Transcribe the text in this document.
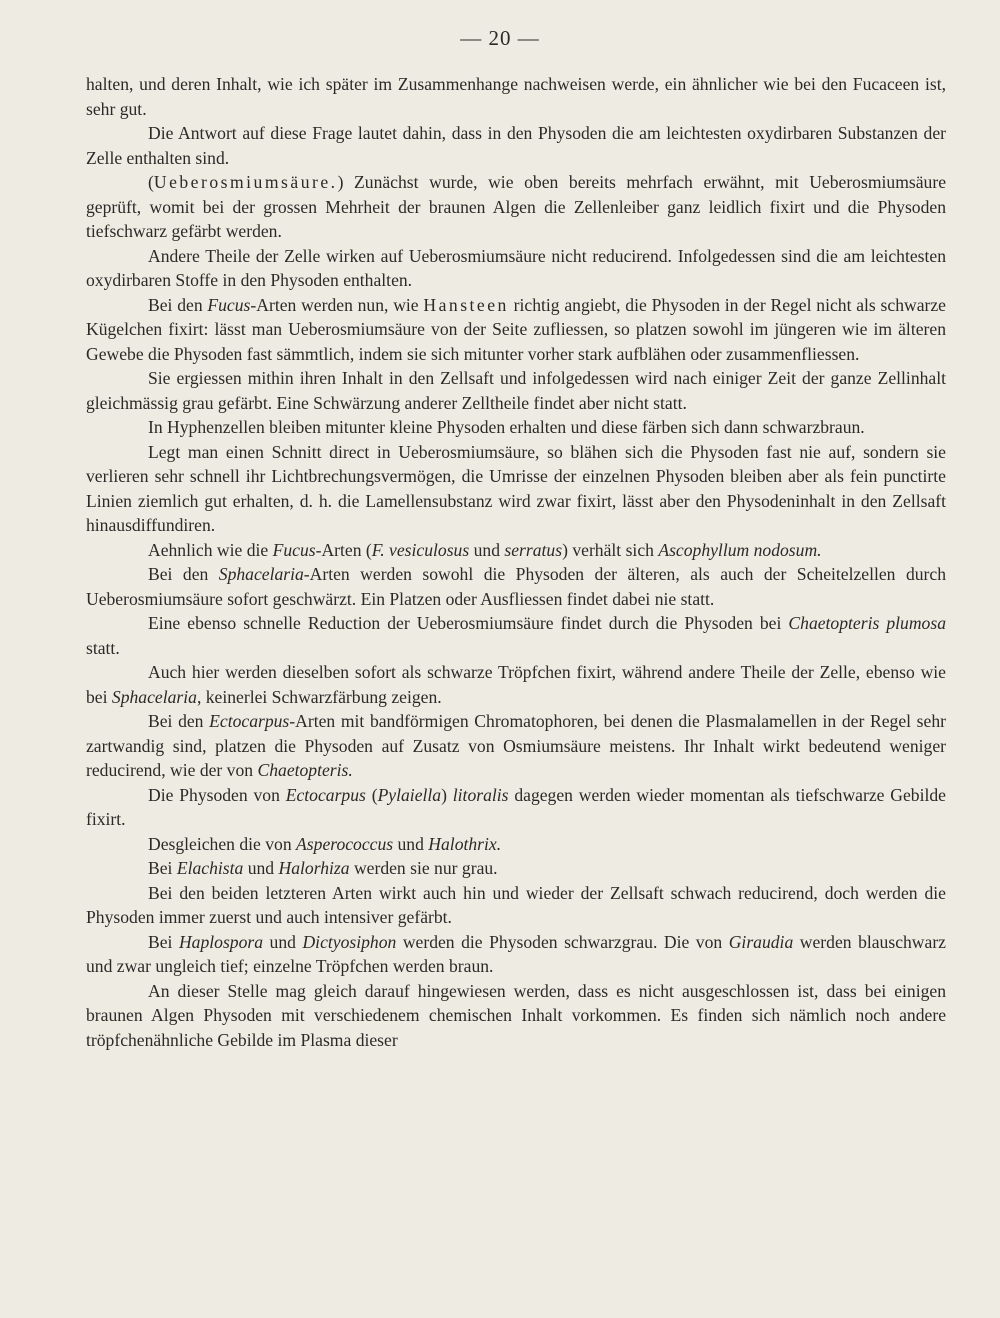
— 20 —

halten, und deren Inhalt, wie ich später im Zusammenhange nachweisen werde, ein ähnlicher wie bei den Fucaceen ist, sehr gut.

Die Antwort auf diese Frage lautet dahin, dass in den Physoden die am leichtesten oxydirbaren Substanzen der Zelle enthalten sind.

(Ueberosmiumsäure.) Zunächst wurde, wie oben bereits mehrfach erwähnt, mit Ueberosmiumsäure geprüft, womit bei der grossen Mehrheit der braunen Algen die Zellenleiber ganz leidlich fixirt und die Physoden tiefschwarz gefärbt werden.

Andere Theile der Zelle wirken auf Ueberosmiumsäure nicht reducirend. Infolgedessen sind die am leichtesten oxydirbaren Stoffe in den Physoden enthalten.

Bei den Fucus-Arten werden nun, wie Hansteen richtig angiebt, die Physoden in der Regel nicht als schwarze Kügelchen fixirt: lässt man Ueberosmiumsäure von der Seite zufliessen, so platzen sowohl im jüngeren wie im älteren Gewebe die Physoden fast sämmtlich, indem sie sich mitunter vorher stark aufblähen oder zusammenfliessen.

Sie ergiessen mithin ihren Inhalt in den Zellsaft und infolgedessen wird nach einiger Zeit der ganze Zellinhalt gleichmässig grau gefärbt. Eine Schwärzung anderer Zelltheile findet aber nicht statt.

In Hyphenzellen bleiben mitunter kleine Physoden erhalten und diese färben sich dann schwarzbraun.

Legt man einen Schnitt direct in Ueberosmiumsäure, so blähen sich die Physoden fast nie auf, sondern sie verlieren sehr schnell ihr Lichtbrechungsvermögen, die Umrisse der einzelnen Physoden bleiben aber als fein punctirte Linien ziemlich gut erhalten, d. h. die Lamellensubstanz wird zwar fixirt, lässt aber den Physodeninhalt in den Zellsaft hinausdiffundiren.

Aehnlich wie die Fucus-Arten (F. vesiculosus und serratus) verhält sich Ascophyllum nodosum.

Bei den Sphacelaria-Arten werden sowohl die Physoden der älteren, als auch der Scheitelzellen durch Ueberosmiumsäure sofort geschwärzt. Ein Platzen oder Ausfliessen findet dabei nie statt.

Eine ebenso schnelle Reduction der Ueberosmiumsäure findet durch die Physoden bei Chaetopteris plumosa statt.

Auch hier werden dieselben sofort als schwarze Tröpfchen fixirt, während andere Theile der Zelle, ebenso wie bei Sphacelaria, keinerlei Schwarzfärbung zeigen.

Bei den Ectocarpus-Arten mit bandförmigen Chromatophoren, bei denen die Plasmalamellen in der Regel sehr zartwandig sind, platzen die Physoden auf Zusatz von Osmiumsäure meistens. Ihr Inhalt wirkt bedeutend weniger reducirend, wie der von Chaetopteris.

Die Physoden von Ectocarpus (Pylaiella) litoralis dagegen werden wieder momentan als tiefschwarze Gebilde fixirt.

Desgleichen die von Asperococcus und Halothrix.

Bei Elachista und Halorhiza werden sie nur grau.

Bei den beiden letzteren Arten wirkt auch hin und wieder der Zellsaft schwach reducirend, doch werden die Physoden immer zuerst und auch intensiver gefärbt.

Bei Haplospora und Dictyosiphon werden die Physoden schwarzgrau. Die von Giraudia werden blauschwarz und zwar ungleich tief; einzelne Tröpfchen werden braun.

An dieser Stelle mag gleich darauf hingewiesen werden, dass es nicht ausgeschlossen ist, dass bei einigen braunen Algen Physoden mit verschiedenem chemischen Inhalt vorkommen. Es finden sich nämlich noch andere tröpfchenähnliche Gebilde im Plasma dieser
